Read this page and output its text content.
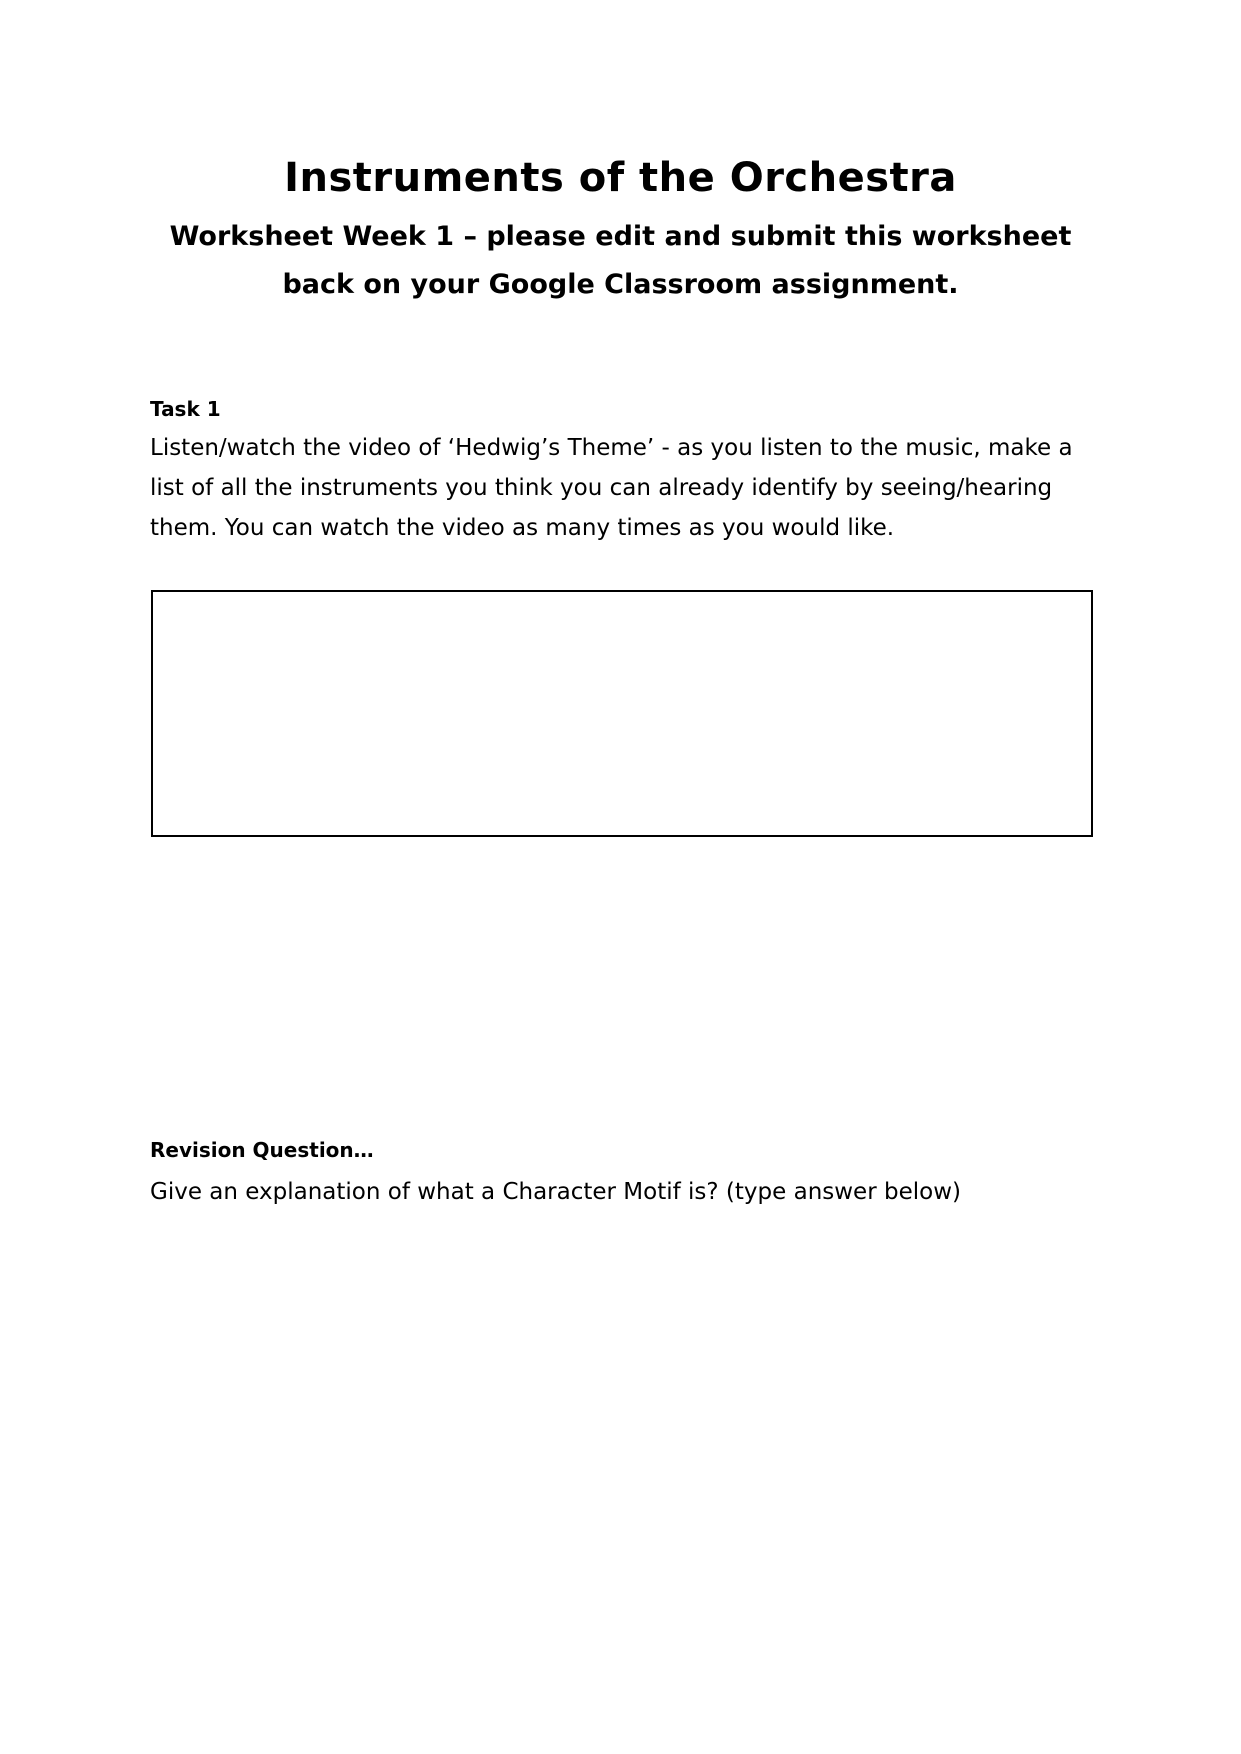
Instruments of the Orchestra
Worksheet Week 1 – please edit and submit this worksheet back on your Google Classroom assignment.
Task 1
Listen/watch the video of ‘Hedwig’s Theme’ - as you listen to the music, make a list of all the instruments you think you can already identify by seeing/hearing them. You can watch the video as many times as you would like.
Revision Question…
Give an explanation of what a Character Motif is? (type answer below)
